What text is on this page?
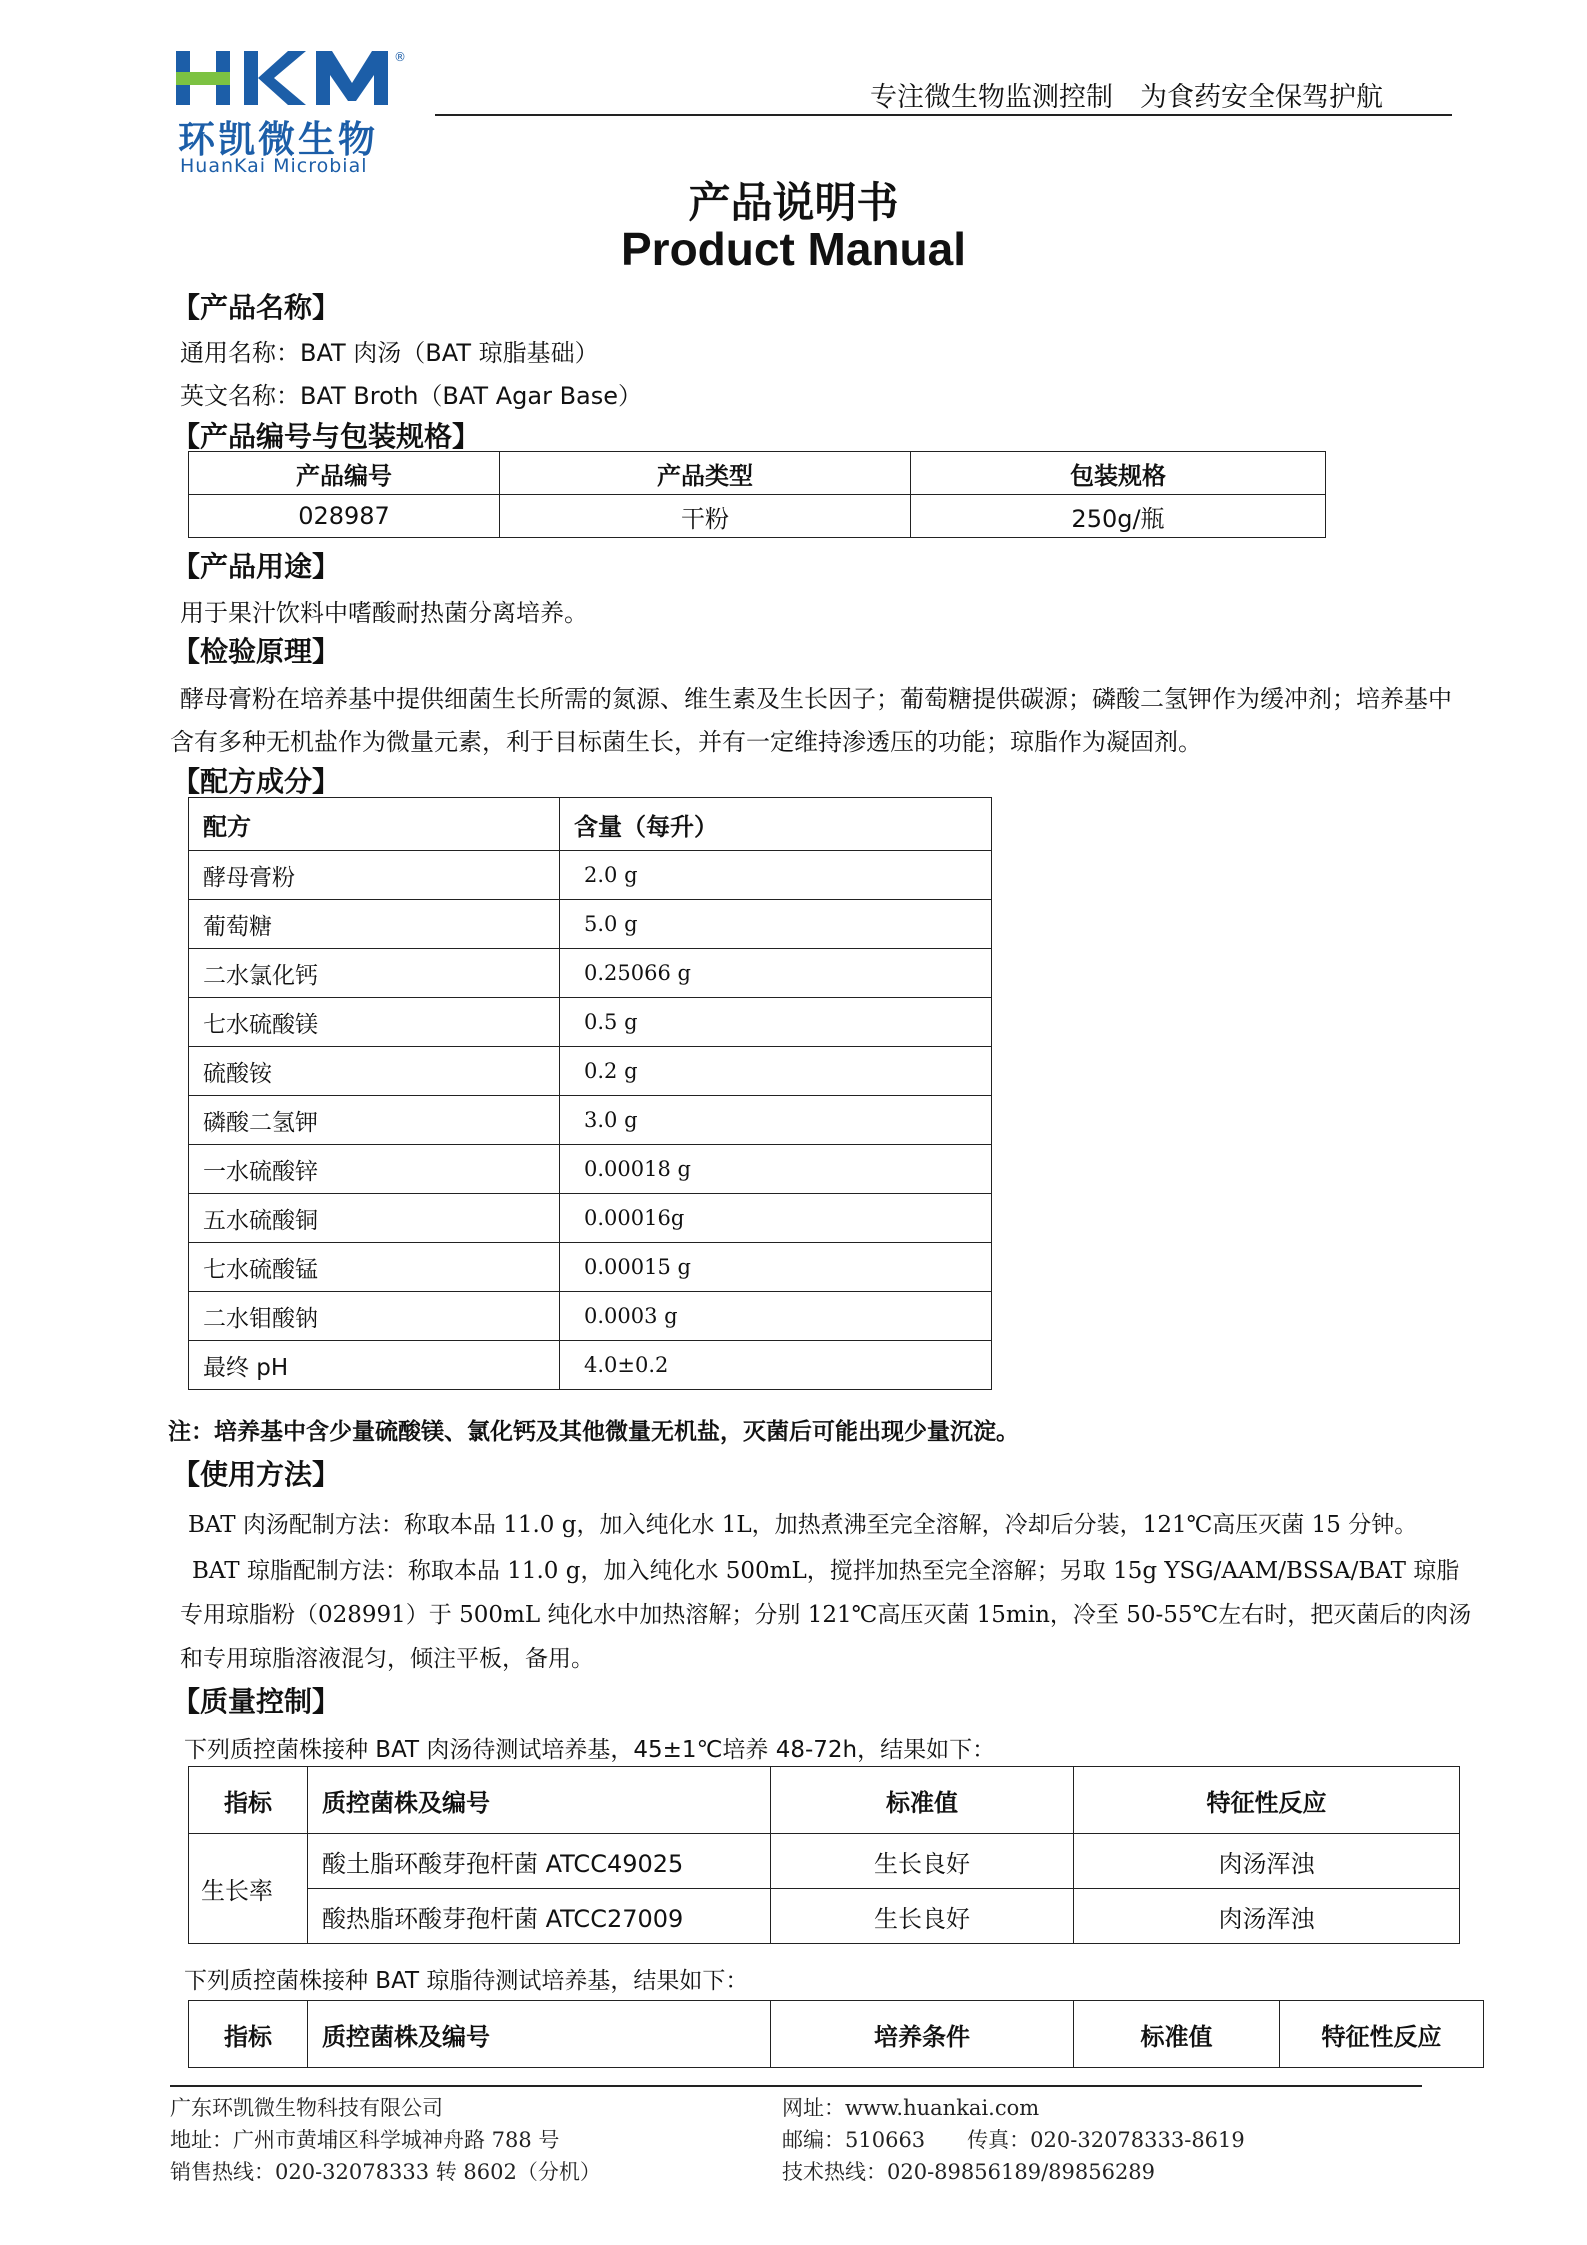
®
环凯微生物
HuanKai Microbial
专注微生物监测控制　为食药安全保驾护航
产品说明书
Product Manual
【产品名称】
通用名称：BAT 肉汤（BAT 琼脂基础）
英文名称：BAT Broth（BAT Agar Base）
【产品编号与包装规格】
产品编号	产品类型	包装规格
028987	干粉	250g/瓶
【产品用途】
用于果汁饮料中嗜酸耐热菌分离培养。
【检验原理】
酵母膏粉在培养基中提供细菌生长所需的氮源、维生素及生长因子；葡萄糖提供碳源；磷酸二氢钾作为缓冲剂；培养基中
含有多种无机盐作为微量元素，利于目标菌生长，并有一定维持渗透压的功能；琼脂作为凝固剂。
【配方成分】
配方	含量（每升）
酵母膏粉	2.0 g
葡萄糖	5.0 g
二水氯化钙	0.25066 g
七水硫酸镁	0.5 g
硫酸铵	0.2 g
磷酸二氢钾	3.0 g
一水硫酸锌	0.00018 g
五水硫酸铜	0.00016g
七水硫酸锰	0.00015 g
二水钼酸钠	0.0003 g
最终 pH	4.0±0.2
注：培养基中含少量硫酸镁、氯化钙及其他微量无机盐，灭菌后可能出现少量沉淀。
【使用方法】
BAT 肉汤配制方法：称取本品 11.0 g，加入纯化水 1L，加热煮沸至完全溶解，冷却后分装，121℃高压灭菌 15 分钟。
BAT 琼脂配制方法：称取本品 11.0 g，加入纯化水 500mL，搅拌加热至完全溶解；另取 15g YSG/AAM/BSSA/BAT 琼脂
专用琼脂粉（028991）于 500mL 纯化水中加热溶解；分别 121℃高压灭菌 15min，冷至 50-55℃左右时，把灭菌后的肉汤
和专用琼脂溶液混匀，倾注平板，备用。
【质量控制】
下列质控菌株接种 BAT 肉汤待测试培养基，45±1℃培养 48-72h，结果如下：
指标	质控菌株及编号	标准值	特征性反应
生长率	酸土脂环酸芽孢杆菌 ATCC49025	生长良好	肉汤浑浊
	酸热脂环酸芽孢杆菌 ATCC27009	生长良好	肉汤浑浊
下列质控菌株接种 BAT 琼脂待测试培养基，结果如下：
指标	质控菌株及编号	培养条件	标准值	特征性反应
广东环凯微生物科技有限公司
地址：广州市黄埔区科学城神舟路 788 号
销售热线：020-32078333 转 8602（分机）
网址：www.huankai.com
邮编：510663　　传真：020-32078333-8619
技术热线：020-89856189/89856289
